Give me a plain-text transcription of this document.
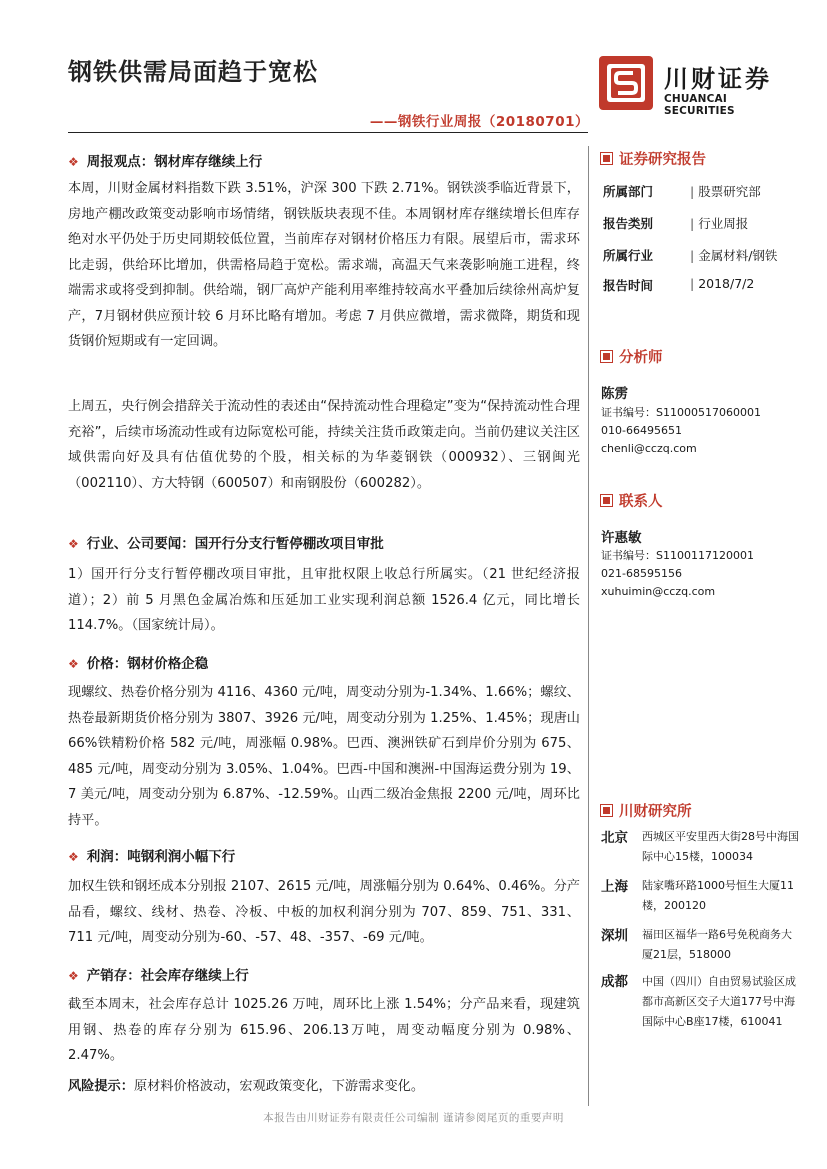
钢铁供需局面趋于宽松
——钢铁行业周报（20180701）
川财证券
CHUANCAI SECURITIES
❖ 周报观点：钢材库存继续上行
本周，川财金属材料指数下跌 3.51%，沪深 300 下跌 2.71%。钢铁淡季临近背景下，房地产棚改政策变动影响市场情绪，钢铁版块表现不佳。本周钢材库存继续增长但库存绝对水平仍处于历史同期较低位置，当前库存对钢材价格压力有限。展望后市，需求环比走弱，供给环比增加，供需格局趋于宽松。需求端，高温天气来袭影响施工进程，终端需求或将受到抑制。供给端，钢厂高炉产能利用率维持较高水平叠加后续徐州高炉复产，7月钢材供应预计较 6 月环比略有增加。考虑 7 月供应微增，需求微降，期货和现货钢价短期或有一定回调。
上周五，央行例会措辞关于流动性的表述由“保持流动性合理稳定”变为“保持流动性合理充裕”，后续市场流动性或有边际宽松可能，持续关注货币政策走向。当前仍建议关注区域供需向好及具有估值优势的个股，相关标的为华菱钢铁（000932）、三钢闽光（002110）、方大特钢（600507）和南钢股份（600282）。
❖ 行业、公司要闻：国开行分支行暂停棚改项目审批
1）国开行分支行暂停棚改项目审批，且审批权限上收总行所属实。（21 世纪经济报道）；2）前 5 月黑色金属冶炼和压延加工业实现利润总额 1526.4 亿元，同比增长 114.7%。（国家统计局）。
❖ 价格：钢材价格企稳
现螺纹、热卷价格分别为 4116、4360 元/吨，周变动分别为-1.34%、1.66%；螺纹、热卷最新期货价格分别为 3807、3926 元/吨，周变动分别为 1.25%、1.45%；现唐山 66%铁精粉价格 582 元/吨，周涨幅 0.98%。巴西、澳洲铁矿石到岸价分别为 675、485 元/吨，周变动分别为 3.05%、1.04%。巴西-中国和澳洲-中国海运费分别为 19、7 美元/吨，周变动分别为 6.87%、-12.59%。山西二级冶金焦报 2200 元/吨，周环比持平。
❖ 利润：吨钢利润小幅下行
加权生铁和钢坯成本分别报 2107、2615 元/吨，周涨幅分别为 0.64%、0.46%。分产品看，螺纹、线材、热卷、冷板、中板的加权利润分别为 707、859、751、331、711 元/吨，周变动分别为-60、-57、48、-357、-69 元/吨。
❖ 产销存：社会库存继续上行
截至本周末，社会库存总计 1025.26 万吨，周环比上涨 1.54%；分产品来看，现建筑用钢、热卷的库存分别为 615.96、206.13万吨，周变动幅度分别为 0.98%、2.47%。
风险提示：原材料价格波动，宏观政策变化，下游需求变化。
证券研究报告
所属部门	| 股票研究部
报告类别	| 行业周报
所属行业	| 金属材料/钢铁
报告时间	| 2018/7/2
分析师
陈雳
证书编号：S1100051706​0001
010-66495651
chenli@cczq.com
联系人
许惠敏
证书编号：S1100117120001
021-68595156
xuhuimin@cczq.com
川财研究所
北京 西城区平安里西大街28号中海国际中心15楼，100034
上海 陆家嘴环路1000号恒生大厦11楼，200120
深圳 福田区福华一路6号免税商务大厦21层，518000
成都 中国（四川）自由贸易试验区成都市高新区交子大道177号中海国际中心B座17楼，610041
本报告由川财证券有限责任公司编制 谨请参阅尾页的重要声明
